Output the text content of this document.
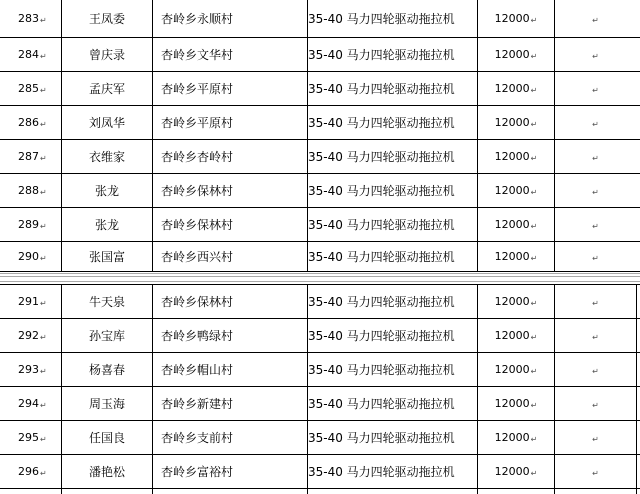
283 ↵	王凤委	杏岭乡永顺村	35-40 马力四轮驱动拖拉机	12000 ↵	↵
284 ↵	曾庆录	杏岭乡文华村	35-40 马力四轮驱动拖拉机	12000 ↵	↵
285 ↵	孟庆军	杏岭乡平原村	35-40 马力四轮驱动拖拉机	12000 ↵	↵
286 ↵	刘凤华	杏岭乡平原村	35-40 马力四轮驱动拖拉机	12000 ↵	↵
287 ↵	衣维家	杏岭乡杏岭村	35-40 马力四轮驱动拖拉机	12000 ↵	↵
288 ↵	张龙	杏岭乡保林村	35-40 马力四轮驱动拖拉机	12000 ↵	↵
289 ↵	张龙	杏岭乡保林村	35-40 马力四轮驱动拖拉机	12000 ↵	↵
290 ↵	张国富	杏岭乡西兴村	35-40 马力四轮驱动拖拉机	12000 ↵	↵
291 ↵	牛天泉	杏岭乡保林村	35-40 马力四轮驱动拖拉机	12000 ↵	↵
292 ↵	孙宝库	杏岭乡鸭绿村	35-40 马力四轮驱动拖拉机	12000 ↵	↵
293 ↵	杨喜春	杏岭乡帽山村	35-40 马力四轮驱动拖拉机	12000 ↵	↵
294 ↵	周玉海	杏岭乡新建村	35-40 马力四轮驱动拖拉机	12000 ↵	↵
295 ↵	任国良	杏岭乡支前村	35-40 马力四轮驱动拖拉机	12000 ↵	↵
296 ↵	潘艳松	杏岭乡富裕村	35-40 马力四轮驱动拖拉机	12000 ↵	↵
